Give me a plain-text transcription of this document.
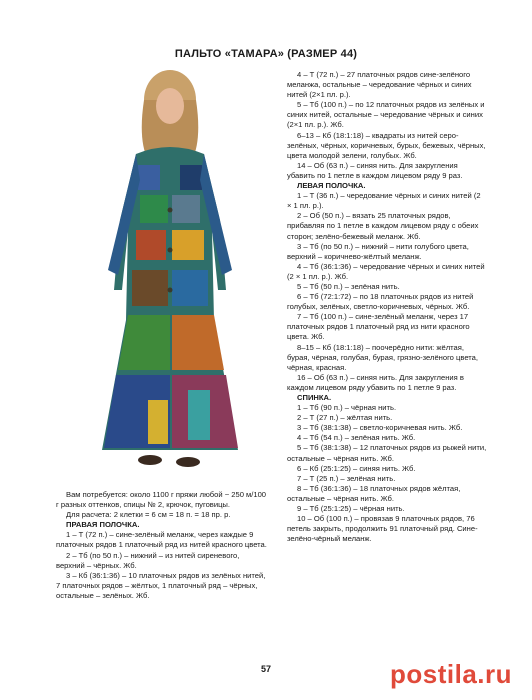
ПАЛЬТО «ТАМАРА» (РАЗМЕР 44)

Вам потребуется: около 1100 г пряжи любой ~ 250 м/100 г разных оттенков, спицы № 2, крючок, пуговицы.

Для расчета: 2 клетки = 6 см = 18 п. = 18 пр. р.

ПРАВАЯ ПОЛОЧКА.

1 – Т (72 п.) – сине-зелёный меланж, через каждые 9 платочных рядов 1 платочный ряд из нитей красного цвета.

2 – Тб (по 50 п.) – нижний – из нитей сиреневого, верхний – чёрных. Жб.

3 – Кб (36:1:36) – 10 платочных рядов из зелёных нитей, 7 платочных рядов – жёлтых, 1 платочный ряд – чёрных, остальные – зелёных. Жб.

4 – Т (72 п.) – 27 платочных рядов сине-зелёного меланжа, остальные – чередование чёрных и синих нитей (2×1 пл. р.).

5 – Тб (100 п.) – по 12 платочных рядов из зелёных и синих нитей, остальные – чередование чёрных и синих (2×1 пл. р.). Жб.

6–13 – Кб (18:1:18) – квадраты из нитей серо-зелёных, чёрных, коричневых, бурых, бежевых, чёрных, цвета молодой зелени, голубых. Жб.

14 – Об (63 п.) – синяя нить. Для закругления убавить по 1 петле в каждом лицевом ряду 9 раз.

ЛЕВАЯ ПОЛОЧКА.

1 – Т (36 п.) – чередование чёрных и синих нитей (2 × 1 пл. р.).

2 – Об (50 п.) – вязать 25 платочных рядов, прибавляя по 1 петле в каждом лицевом ряду с обеих сторон; зелёно-бежевый меланж. Жб.

3 – Тб (по 50 п.) – нижний – нити голубого цвета, верхний – коричнево-жёлтый меланж.

4 – Тб (36:1:36) – чередование чёрных и синих нитей (2 × 1 пл. р.). Жб.

5 – Тб (50 п.) – зелёная нить.

6 – Тб (72:1:72) – по 18 платочных рядов из нитей голубых, зелёных, светло-коричневых, чёрных. Жб.

7 – Тб (100 п.) – сине-зелёный меланж, через 17 платочных рядов 1 платочный ряд из нити красного цвета. Жб.

8–15 – Кб (18:1:18) – поочерёдно нити: жёлтая, бурая, чёрная, голубая, бурая, грязно-зелёного цвета, чёрная, красная.

16 – Об (63 п.) – синяя нить. Для закругления в каждом лицевом ряду убавить по 1 петле 9 раз.

СПИНКА.

1 – Тб (90 п.) – чёрная нить.

2 – Т (27 п.) – жёлтая нить.

3 – Тб (38:1:38) – светло-коричневая нить. Жб.

4 – Тб (54 п.) – зелёная нить. Жб.

5 – Тб (38:1:38) – 12 платочных рядов из рыжей нити, остальные – чёрная нить. Жб.

6 – Кб (25:1:25) – синяя нить. Жб.

7 – Т (25 п.) – зелёная нить.

8 – Тб (36:1:36) – 18 платочных рядов жёлтая, остальные – чёрная нить. Жб.

9 – Тб (25:1:25) – чёрная нить.

10 – Об (100 п.) – провязав 9 платочных рядов, 76 петель закрыть, продолжить 91 платочный ряд. Сине-зелёно-чёрный меланж.

57	postila.ru
